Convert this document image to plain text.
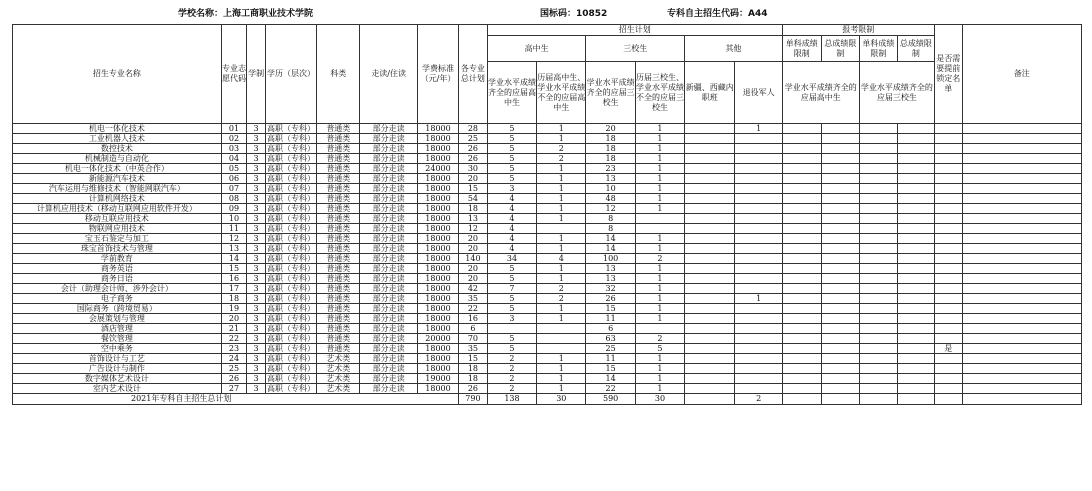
学校名称：上海工商职业技术学院	国标码：10852	专科自主招生代码：A44
招生专业名称	专业志愿代码	学制	学历（层次）	科类	走读/住读	学费标准（元/年）	各专业总计划	招生计划						报考限制				是否需要提前锁定名单	备注
								高中生		三校生		其他		单科成绩限制	总成绩限制	单科成绩限制	总成绩限制		
								学业水平成绩齐全的应届高中生	历届高中生、学业水平成绩不全的应届高中生	学业水平成绩齐全的应届三校生	历届三校生、学业水平成绩不全的应届三校生	新疆、西藏内职班	退役军人	学业水平成绩齐全的应届高中生		学业水平成绩齐全的应届三校生			
机电一体化技术	01	3	高职（专科）	普通类	部分走读	18000	28	5	1	20	1		1						
工业机器人技术	02	3	高职（专科）	普通类	部分走读	18000	25	5	1	18	1								
数控技术	03	3	高职（专科）	普通类	部分走读	18000	26	5	2	18	1								
机械制造与自动化	04	3	高职（专科）	普通类	部分走读	18000	26	5	2	18	1								
机电一体化技术（中英合作）	05	3	高职（专科）	普通类	部分走读	24000	30	5	1	23	1								
新能源汽车技术	06	3	高职（专科）	普通类	部分走读	18000	20	5	1	13	1								
汽车运用与维修技术（智能网联汽车）	07	3	高职（专科）	普通类	部分走读	18000	15	3	1	10	1								
计算机网络技术	08	3	高职（专科）	普通类	部分走读	18000	54	4	1	48	1								
计算机应用技术（移动互联网应用软件开发）	09	3	高职（专科）	普通类	部分走读	18000	18	4	1	12	1								
移动互联应用技术	10	3	高职（专科）	普通类	部分走读	18000	13	4	1	8									
物联网应用技术	11	3	高职（专科）	普通类	部分走读	18000	12	4		8									
宝玉石鉴定与加工	12	3	高职（专科）	普通类	部分走读	18000	20	4	1	14	1								
珠宝首饰技术与管理	13	3	高职（专科）	普通类	部分走读	18000	20	4	1	14	1								
学前教育	14	3	高职（专科）	普通类	部分走读	18000	140	34	4	100	2								
商务英语	15	3	高职（专科）	普通类	部分走读	18000	20	5	1	13	1								
商务日语	16	3	高职（专科）	普通类	部分走读	18000	20	5	1	13	1								
会计（助理会计师、涉外会计）	17	3	高职（专科）	普通类	部分走读	18000	42	7	2	32	1								
电子商务	18	3	高职（专科）	普通类	部分走读	18000	35	5	2	26	1		1						
国际商务（跨境贸易）	19	3	高职（专科）	普通类	部分走读	18000	22	5	1	15	1								
会展策划与管理	20	3	高职（专科）	普通类	部分走读	18000	16	3	1	11	1								
酒店管理	21	3	高职（专科）	普通类	部分走读	18000	6			6									
餐饮管理	22	3	高职（专科）	普通类	部分走读	20000	70	5		63	2								
空中乘务	23	3	高职（专科）	普通类	部分走读	18000	35	5		25	5							是	
首饰设计与工艺	24	3	高职（专科）	艺术类	部分走读	18000	15	2	1	11	1								
广告设计与制作	25	3	高职（专科）	艺术类	部分走读	18000	18	2	1	15	1								
数字媒体艺术设计	26	3	高职（专科）	艺术类	部分走读	19000	18	2	1	14	1								
室内艺术设计	27	3	高职（专科）	艺术类	部分走读	18000	26	2	1	22	1								
2021年专科自主招生总计划							790	138	30	590	30		2						
